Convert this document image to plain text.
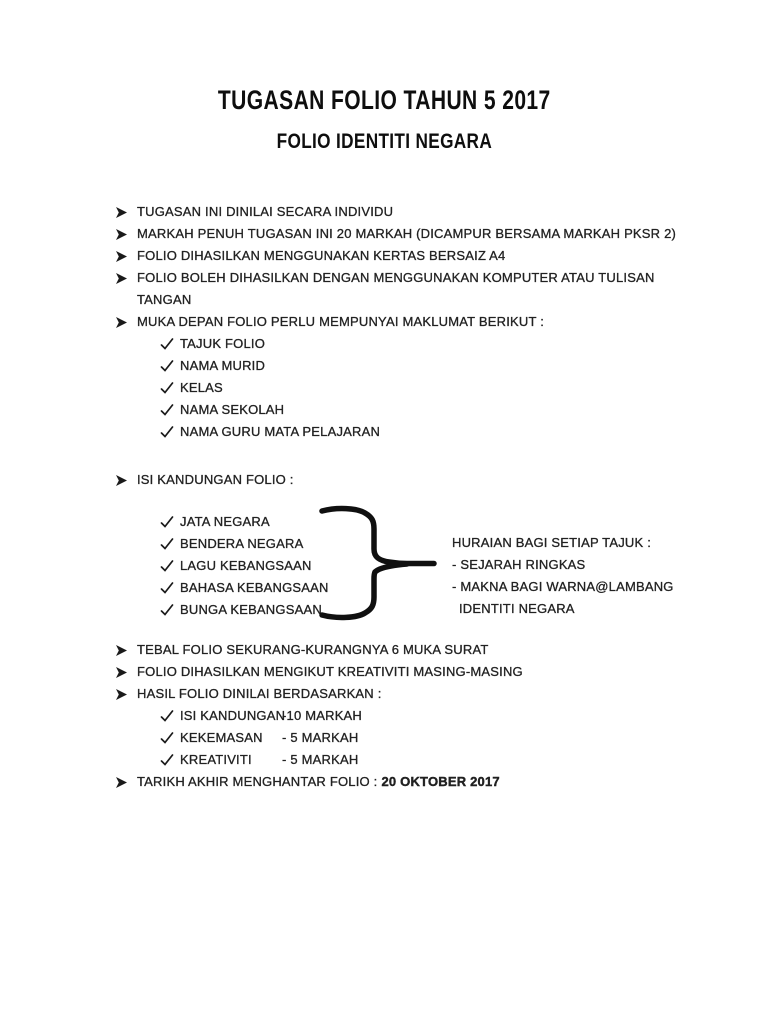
TUGASAN FOLIO TAHUN 5 2017
FOLIO IDENTITI NEGARA
TUGASAN INI DINILAI SECARA INDIVIDU
MARKAH PENUH TUGASAN INI 20 MARKAH (DICAMPUR BERSAMA MARKAH PKSR 2)
FOLIO DIHASILKAN MENGGUNAKAN KERTAS BERSAIZ A4
FOLIO BOLEH DIHASILKAN DENGAN MENGGUNAKAN KOMPUTER ATAU TULISAN
TANGAN
MUKA DEPAN FOLIO PERLU MEMPUNYAI MAKLUMAT BERIKUT :
TAJUK FOLIO
NAMA MURID
KELAS
NAMA SEKOLAH
NAMA GURU MATA PELAJARAN
ISI KANDUNGAN FOLIO :
JATA NEGARA
BENDERA NEGARA
LAGU KEBANGSAAN
BAHASA KEBANGSAAN
BUNGA KEBANGSAAN
HURAIAN BAGI SETIAP TAJUK :
- SEJARAH RINGKAS
- MAKNA BAGI WARNA@LAMBANG
IDENTITI NEGARA
TEBAL FOLIO SEKURANG-KURANGNYA 6 MUKA SURAT
FOLIO DIHASILKAN MENGIKUT KREATIVITI MASING-MASING
HASIL FOLIO DINILAI BERDASARKAN :
ISI KANDUNGAN
-10 MARKAH
KEKEMASAN	- 5 MARKAH
KREATIVITI	- 5 MARKAH
TARIKH AKHIR MENGHANTAR FOLIO : 20 OKTOBER 2017
